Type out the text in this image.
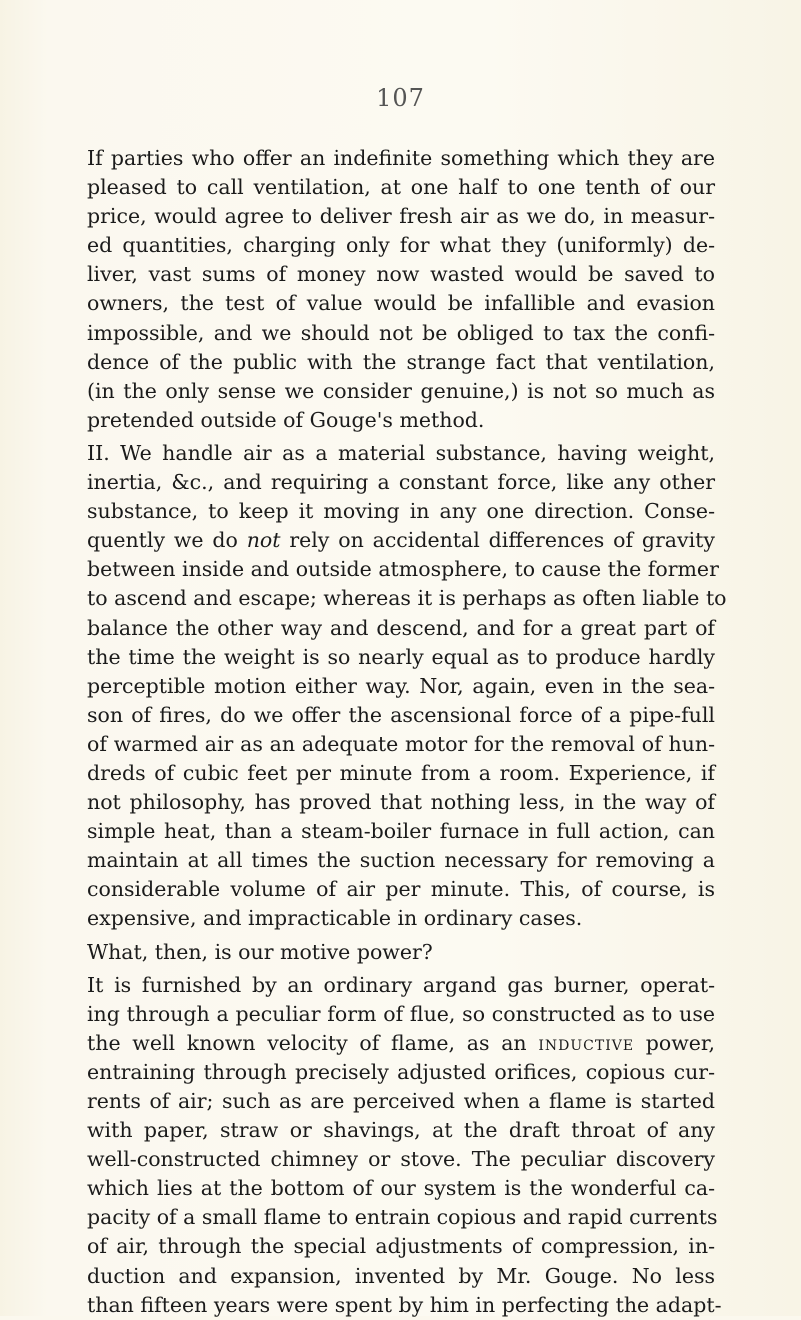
107
If parties who offer an indefinite something which they are
pleased to call ventilation, at one half to one tenth of our
price, would agree to deliver fresh air as we do, in measur-
ed quantities, charging only for what they (uniformly) de-
liver, vast sums of money now wasted would be saved to
owners, the test of value would be infallible and evasion
impossible, and we should not be obliged to tax the confi-
dence of the public with the strange fact that ventilation,
(in the only sense we consider genuine,) is not so much as
pretended outside of Gouge's method.
II. We handle air as a material substance, having weight,
inertia, &c., and requiring a constant force, like any other
substance, to keep it moving in any one direction. Conse-
quently we do not rely on accidental differences of gravity
between inside and outside atmosphere, to cause the former
to ascend and escape; whereas it is perhaps as often liable to
balance the other way and descend, and for a great part of
the time the weight is so nearly equal as to produce hardly
perceptible motion either way. Nor, again, even in the sea-
son of fires, do we offer the ascensional force of a pipe-full
of warmed air as an adequate motor for the removal of hun-
dreds of cubic feet per minute from a room. Experience, if
not philosophy, has proved that nothing less, in the way of
simple heat, than a steam-boiler furnace in full action, can
maintain at all times the suction necessary for removing a
considerable volume of air per minute. This, of course, is
expensive, and impracticable in ordinary cases.
What, then, is our motive power?
It is furnished by an ordinary argand gas burner, operat-
ing through a peculiar form of flue, so constructed as to use
the well known velocity of flame, as an inductive power,
entraining through precisely adjusted orifices, copious cur-
rents of air; such as are perceived when a flame is started
with paper, straw or shavings, at the draft throat of any
well-constructed chimney or stove. The peculiar discovery
which lies at the bottom of our system is the wonderful ca-
pacity of a small flame to entrain copious and rapid currents
of air, through the special adjustments of compression, in-
duction and expansion, invented by Mr. Gouge. No less
than fifteen years were spent by him in perfecting the adapt-
